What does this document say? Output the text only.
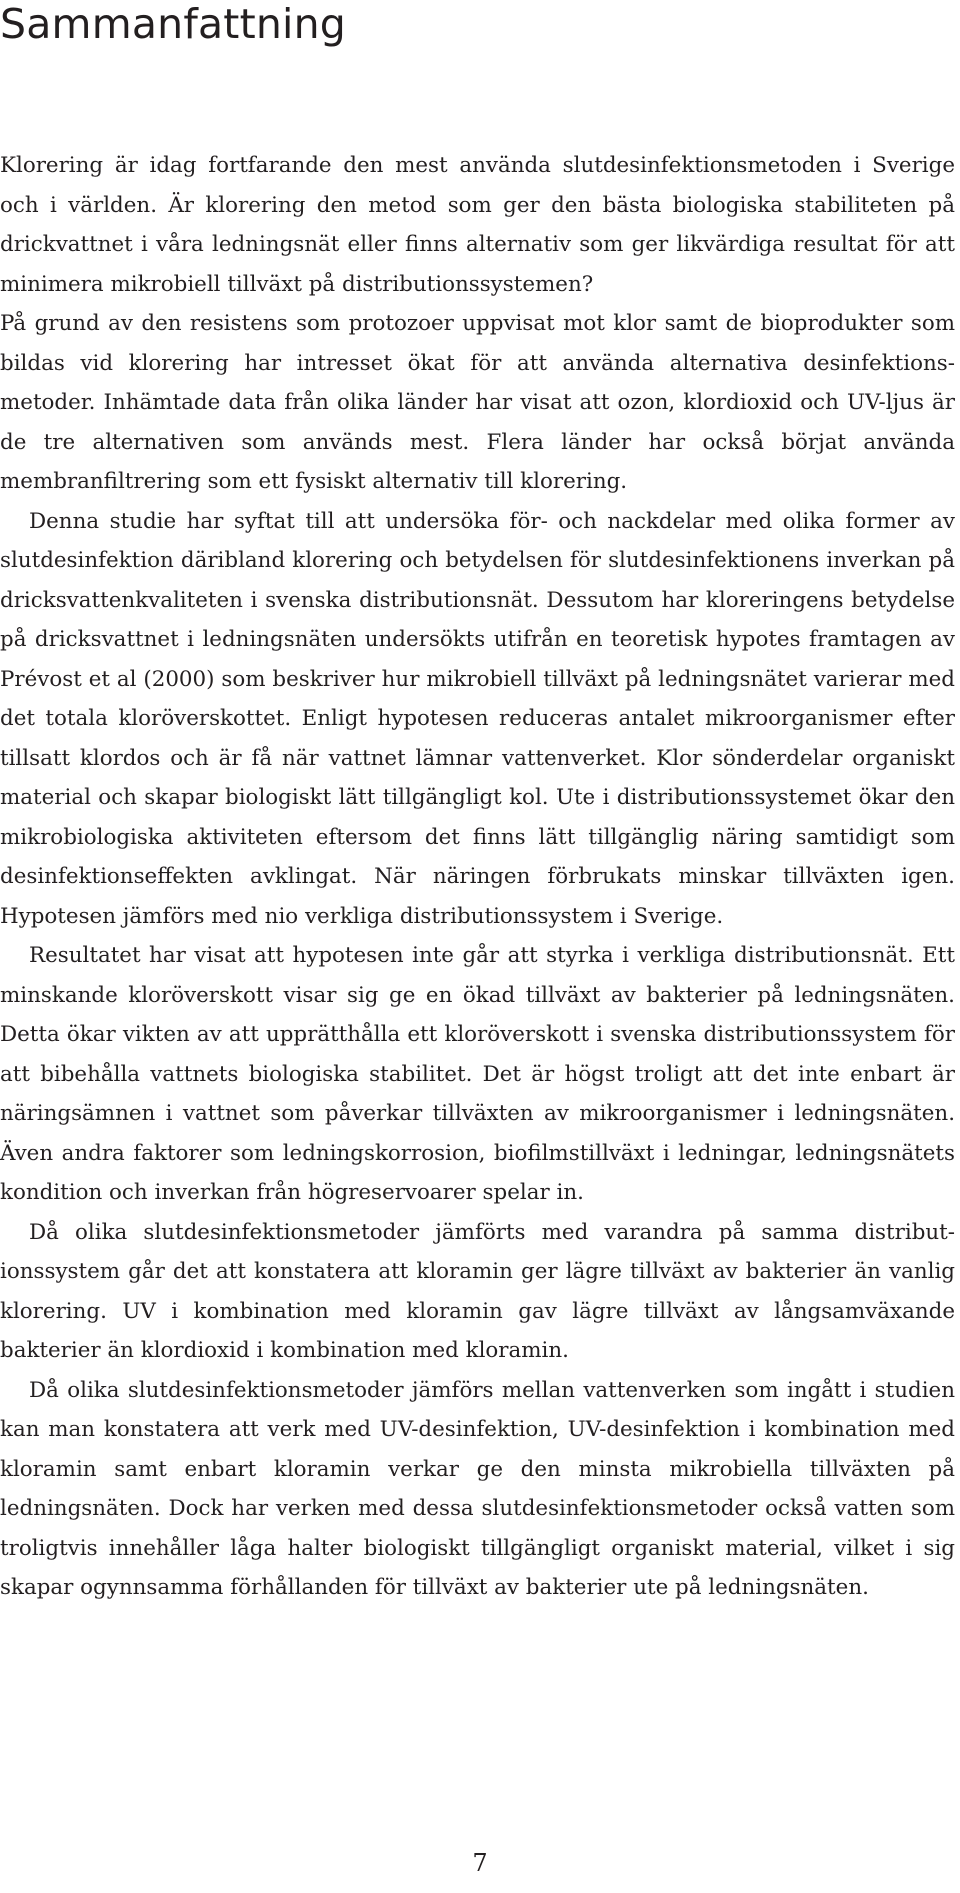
Sammanfattning

Klorering är idag fortfarande den mest använda slutdesinfektionsmetoden i Sverige och i världen. Är klorering den metod som ger den bästa biologiska stabiliteten på drickvattnet i våra ledningsnät eller finns alternativ som ger likvärdiga resultat för att minimera mikrobiell tillväxt på distributionssystemen?

På grund av den resistens som protozoer uppvisat mot klor samt de bioprodukter som bildas vid klorering har intresset ökat för att använda alternativa desinfektionsmetoder. Inhämtade data från olika länder har visat att ozon, klordioxid och UV-ljus är de tre alternativen som används mest. Flera länder har också börjat använda membranfiltrering som ett fysiskt alternativ till klorering.

Denna studie har syftat till att undersöka för- och nackdelar med olika former av slutdesinfektion däribland klorering och betydelsen för slutdesinfektionens inverkan på dricksvattenkvaliteten i svenska distributionsnät. Dessutom har kloreringens betydelse på dricksvattnet i ledningsnäten undersökts utifrån en teoretisk hypotes framtagen av Prévost et al (2000) som beskriver hur mikrobiell tillväxt på ledningsnätet varierar med det totala kloröverskottet. Enligt hypotesen reduceras antalet mikroorganismer efter tillsatt klordos och är få när vattnet lämnar vattenverket. Klor sönderdelar organiskt material och skapar biologiskt lätt tillgängligt kol. Ute i distributionssystemet ökar den mikrobiologiska aktiviteten eftersom det finns lätt tillgänglig näring samtidigt som desinfektionseffekten avklingat. När näringen förbrukats minskar tillväxten igen. Hypotesen jämförs med nio verkliga distributionssystem i Sverige.

Resultatet har visat att hypotesen inte går att styrka i verkliga distributionsnät. Ett minskande kloröverskott visar sig ge en ökad tillväxt av bakterier på ledningsnäten. Detta ökar vikten av att upprätthålla ett kloröverskott i svenska distributionssystem för att bibehålla vattnets biologiska stabilitet. Det är högst troligt att det inte enbart är näringsämnen i vattnet som påverkar tillväxten av mikroorganismer i ledningsnäten. Även andra faktorer som ledningskorrosion, biofilmstillväxt i ledningar, ledningsnätets kondition och inverkan från högreservoarer spelar in.

Då olika slutdesinfektionsmetoder jämförts med varandra på samma distributionssystem går det att konstatera att kloramin ger lägre tillväxt av bakterier än vanlig klorering. UV i kombination med kloramin gav lägre tillväxt av långsamväxande bakterier än klordioxid i kombination med kloramin.

Då olika slutdesinfektionsmetoder jämförs mellan vattenverken som ingått i studien kan man konstatera att verk med UV-desinfektion, UV-desinfektion i kombination med kloramin samt enbart kloramin verkar ge den minsta mikrobiella tillväxten på ledningsnäten. Dock har verken med dessa slutdesinfektionsmetoder också vatten som troligtvis innehåller låga halter biologiskt tillgängligt organiskt material, vilket i sig skapar ogynnsamma förhållanden för tillväxt av bakterier ute på ledningsnäten.

7
